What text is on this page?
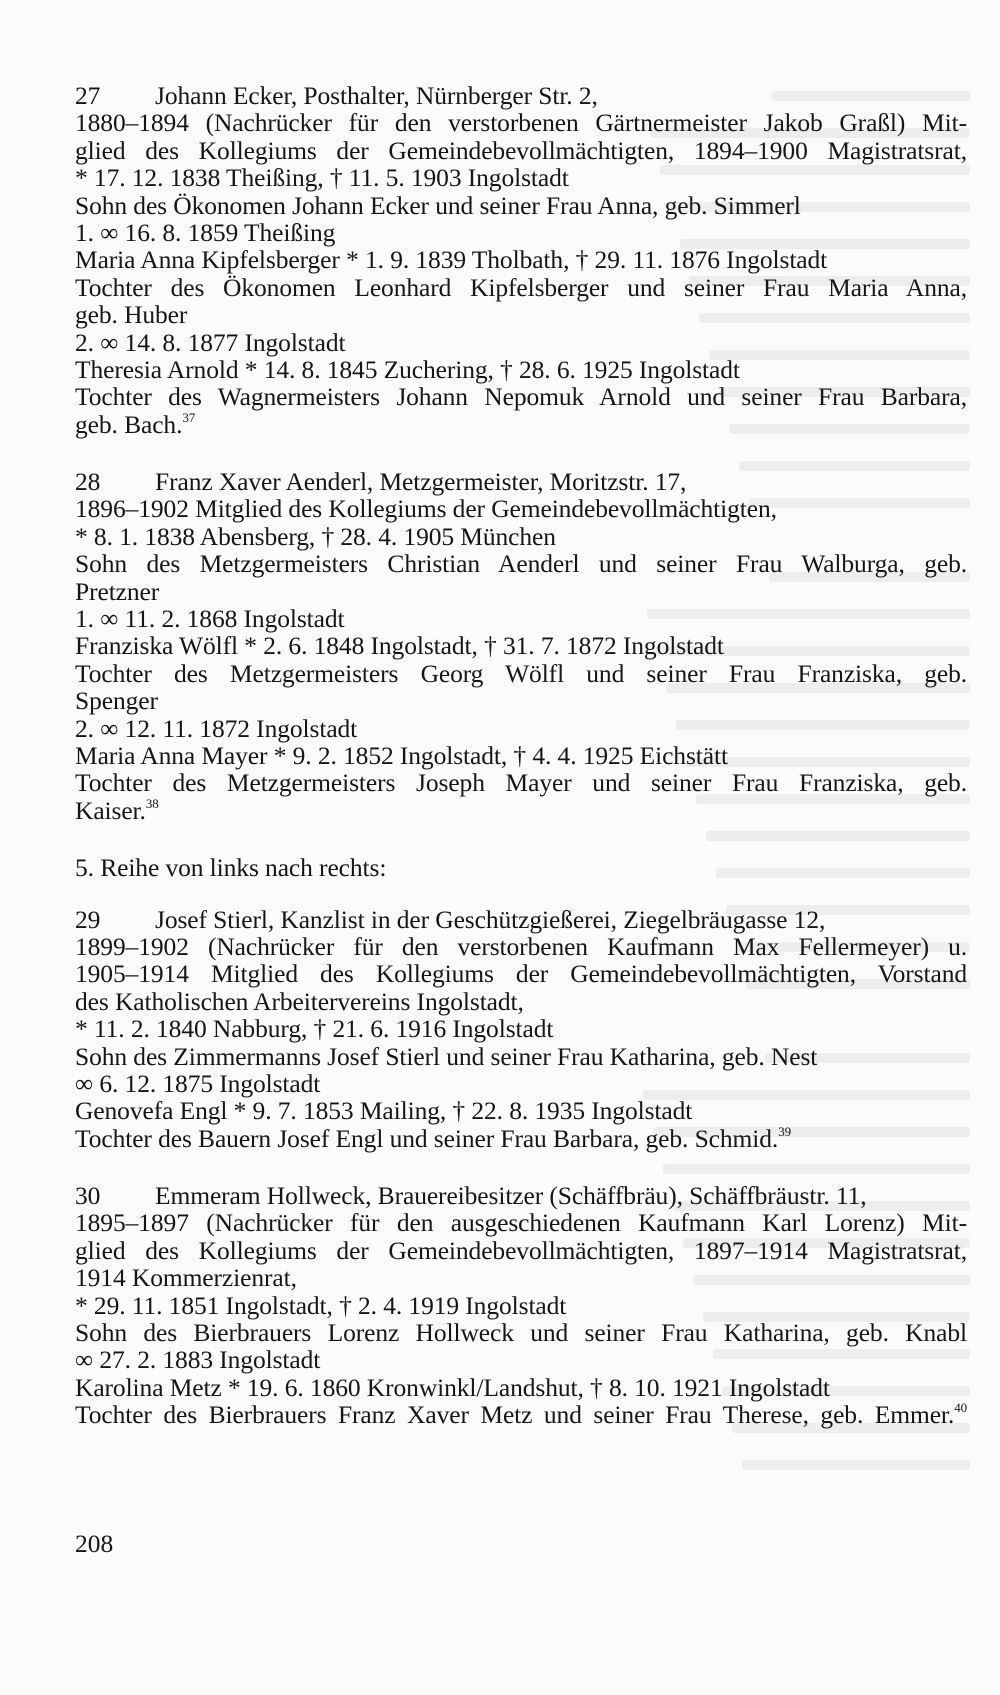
27 Johann Ecker, Posthalter, Nürnberger Str. 2,
1880–1894 (Nachrücker für den verstorbenen Gärtnermeister Jakob Graßl) Mit-
glied des Kollegiums der Gemeindebevollmächtigten, 1894–1900 Magistratsrat,
* 17. 12. 1838 Theißing, † 11. 5. 1903 Ingolstadt
Sohn des Ökonomen Johann Ecker und seiner Frau Anna, geb. Simmerl
1. ∞ 16. 8. 1859 Theißing
Maria Anna Kipfelsberger * 1. 9. 1839 Tholbath, † 29. 11. 1876 Ingolstadt
Tochter des Ökonomen Leonhard Kipfelsberger und seiner Frau Maria Anna,
geb. Huber
2. ∞ 14. 8. 1877 Ingolstadt
Theresia Arnold * 14. 8. 1845 Zuchering, † 28. 6. 1925 Ingolstadt
Tochter des Wagnermeisters Johann Nepomuk Arnold und seiner Frau Barbara,
geb. Bach.$^{37}$
28 Franz Xaver Aenderl, Metzgermeister, Moritzstr. 17,
1896–1902 Mitglied des Kollegiums der Gemeindebevollmächtigten,
* 8. 1. 1838 Abensberg, † 28. 4. 1905 München
Sohn des Metzgermeisters Christian Aenderl und seiner Frau Walburga, geb.
Pretzner
1. ∞ 11. 2. 1868 Ingolstadt
Franziska Wölfl * 2. 6. 1848 Ingolstadt, † 31. 7. 1872 Ingolstadt
Tochter des Metzgermeisters Georg Wölfl und seiner Frau Franziska, geb.
Spenger
2. ∞ 12. 11. 1872 Ingolstadt
Maria Anna Mayer * 9. 2. 1852 Ingolstadt, † 4. 4. 1925 Eichstätt
Tochter des Metzgermeisters Joseph Mayer und seiner Frau Franziska, geb.
Kaiser.$^{38}$
5. Reihe von links nach rechts:
29 Josef Stierl, Kanzlist in der Geschützgießerei, Ziegelbräugasse 12,
1899–1902 (Nachrücker für den verstorbenen Kaufmann Max Fellermeyer) u.
1905–1914 Mitglied des Kollegiums der Gemeindebevollmächtigten, Vorstand
des Katholischen Arbeitervereins Ingolstadt,
* 11. 2. 1840 Nabburg, † 21. 6. 1916 Ingolstadt
Sohn des Zimmermanns Josef Stierl und seiner Frau Katharina, geb. Nest
∞ 6. 12. 1875 Ingolstadt
Genovefa Engl * 9. 7. 1853 Mailing, † 22. 8. 1935 Ingolstadt
Tochter des Bauern Josef Engl und seiner Frau Barbara, geb. Schmid.$^{39}$
30 Emmeram Hollweck, Brauereibesitzer (Schäffbräu), Schäffbräustr. 11,
1895–1897 (Nachrücker für den ausgeschiedenen Kaufmann Karl Lorenz) Mit-
glied des Kollegiums der Gemeindebevollmächtigten, 1897–1914 Magistratsrat,
1914 Kommerzienrat,
* 29. 11. 1851 Ingolstadt, † 2. 4. 1919 Ingolstadt
Sohn des Bierbrauers Lorenz Hollweck und seiner Frau Katharina, geb. Knabl
∞ 27. 2. 1883 Ingolstadt
Karolina Metz * 19. 6. 1860 Kronwinkl/Landshut, † 8. 10. 1921 Ingolstadt
Tochter des Bierbrauers Franz Xaver Metz und seiner Frau Therese, geb. Emmer.$^{40}$
208
